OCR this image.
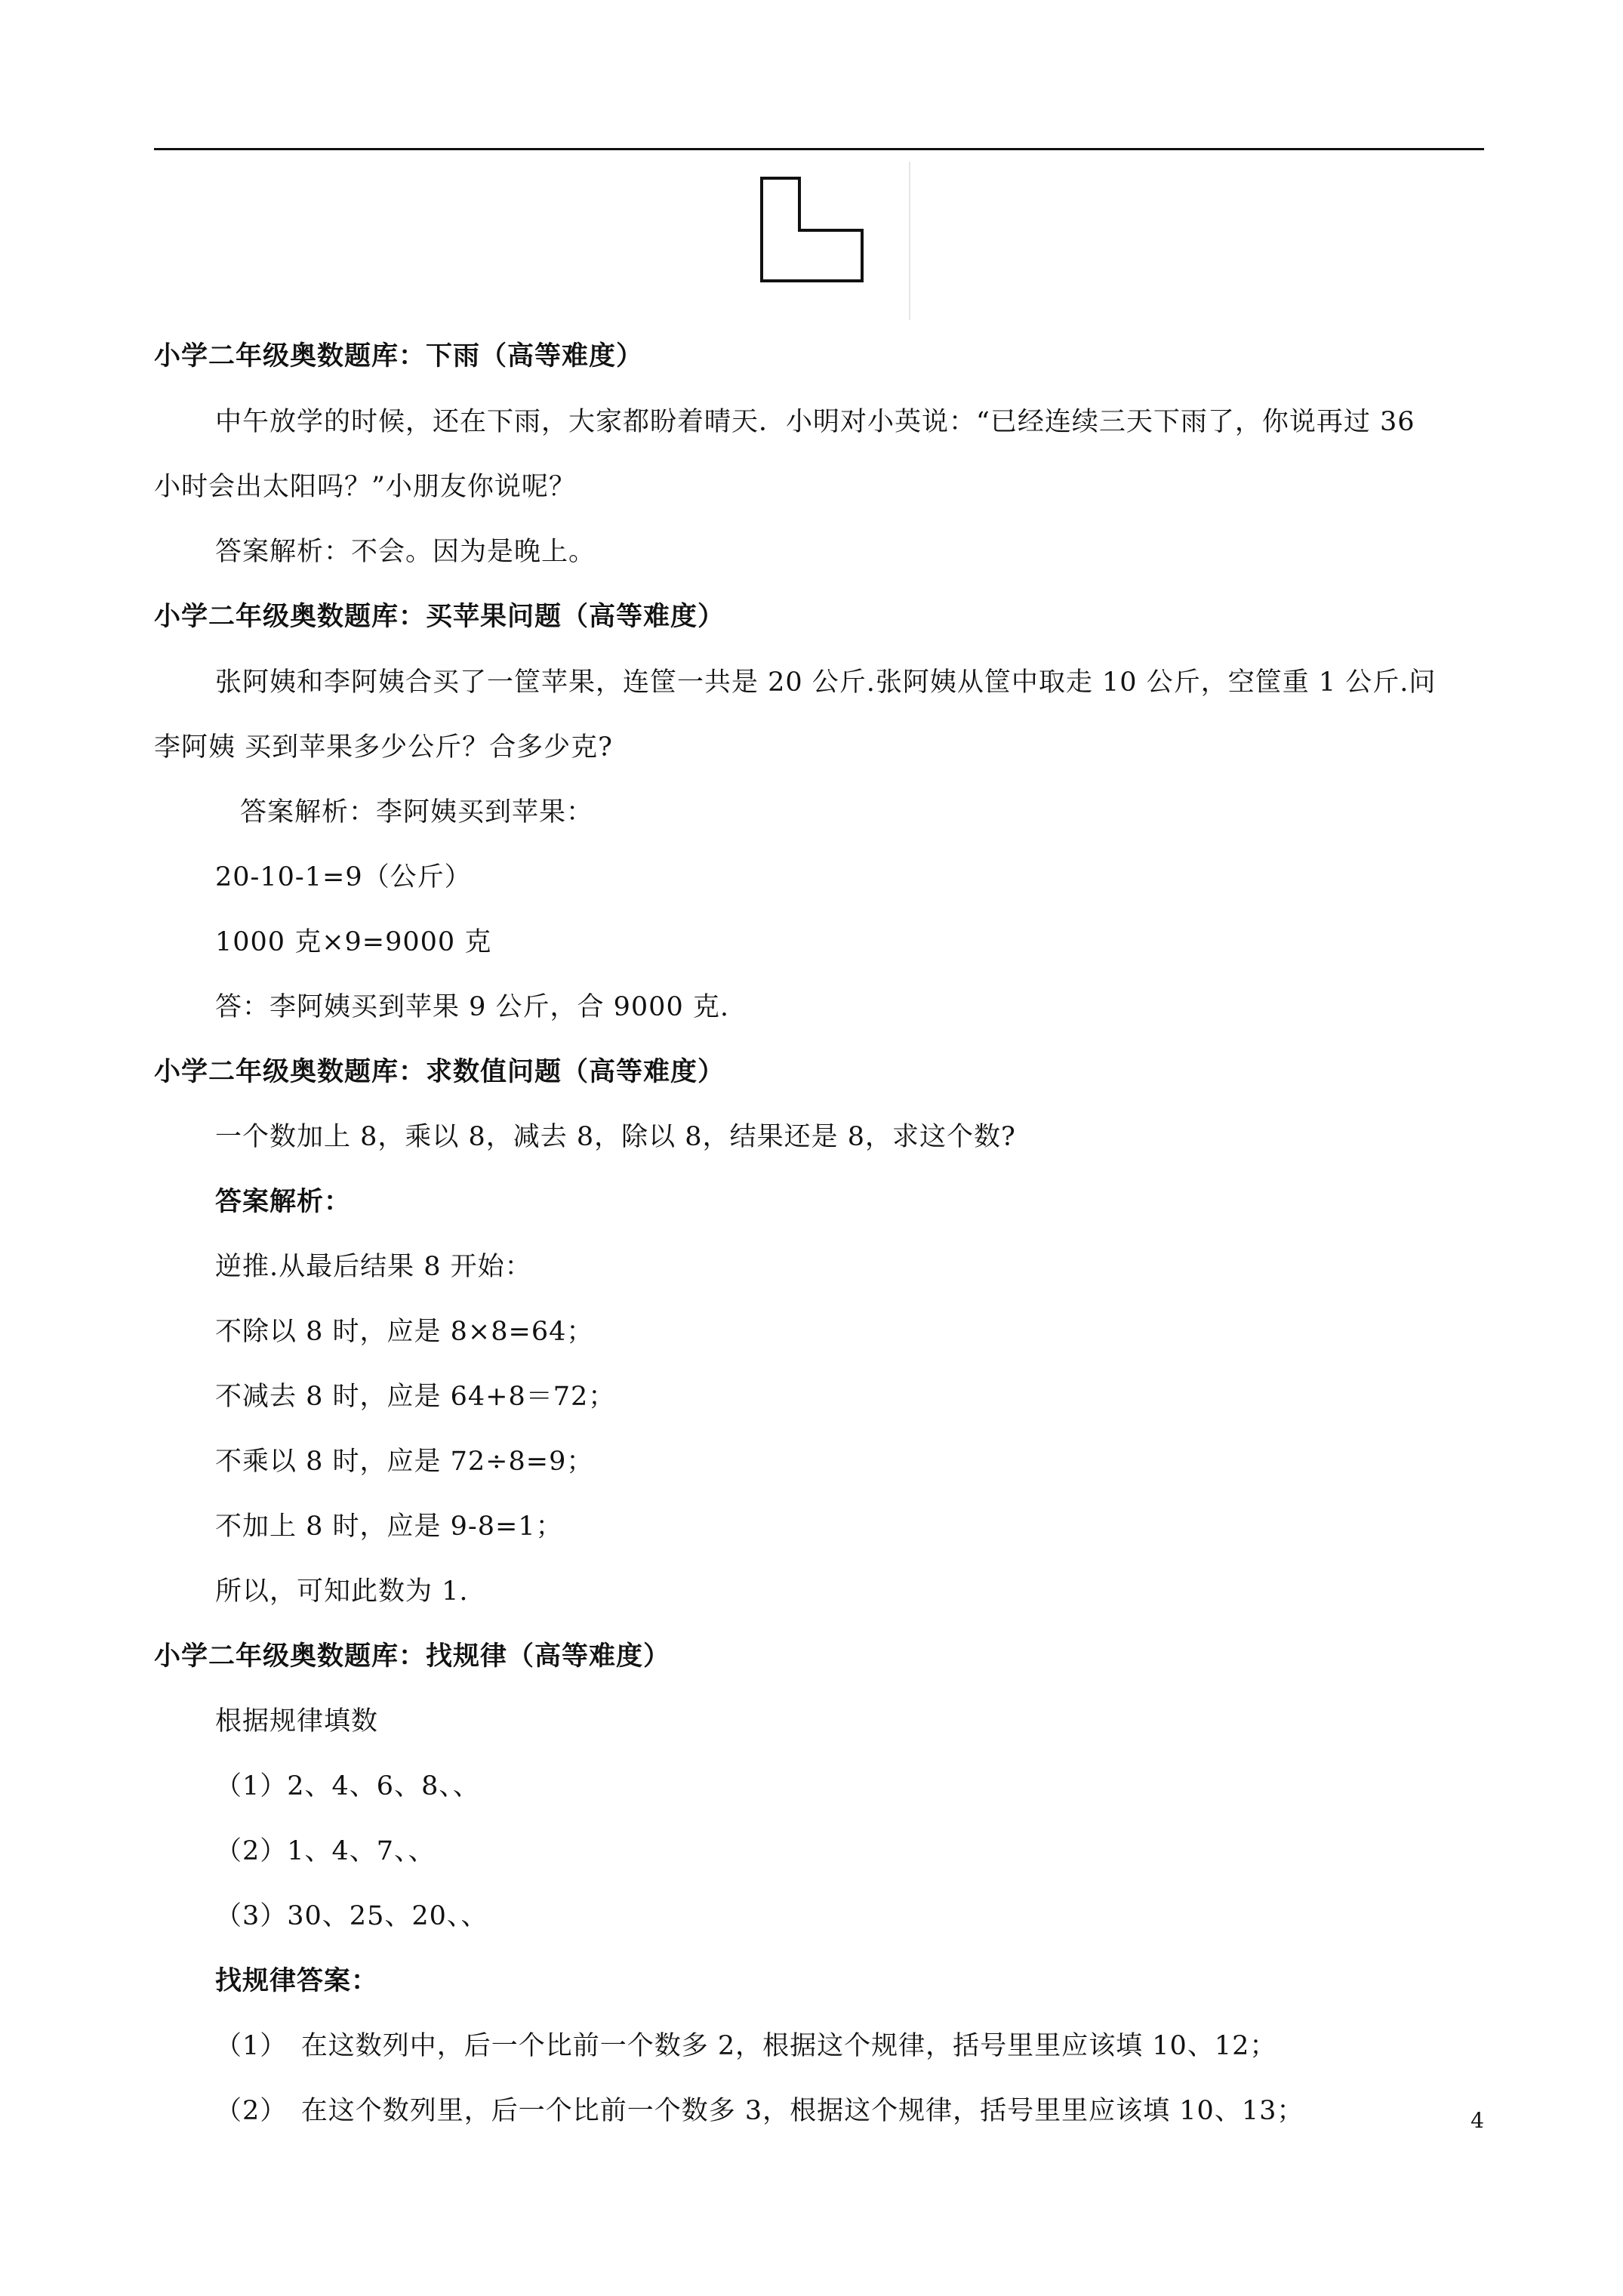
小学二年级奥数题库：下雨（高等难度）
中午放学的时候，还在下雨，大家都盼着晴天．小明对小英说：“已经连续三天下雨了，你说再过 36
小时会出太阳吗？”小朋友你说呢？
答案解析：不会。因为是晚上。
小学二年级奥数题库：买苹果问题（高等难度）
张阿姨和李阿姨合买了一筐苹果，连筐一共是 20 公斤.张阿姨从筐中取走 10 公斤，空筐重 1 公斤.问
李阿姨 买到苹果多少公斤？合多少克?
答案解析：李阿姨买到苹果：
20-10-1=9（公斤）
1000 克×9=9000 克
答：李阿姨买到苹果 9 公斤，合 9000 克.
小学二年级奥数题库：求数值问题（高等难度）
一个数加上 8，乘以 8，减去 8，除以 8，结果还是 8，求这个数?
答案解析：
逆推.从最后结果 8 开始：
不除以 8 时，应是 8×8=64；
不减去 8 时，应是 64+8＝72；
不乘以 8 时，应是 72÷8=9；
不加上 8 时，应是 9-8=1；
所以，可知此数为 1.
小学二年级奥数题库：找规律（高等难度）
根据规律填数
（1）2、4、6、8、、
（2）1、4、7、、
（3）30、25、20、、
找规律答案：
（1）　在这数列中，后一个比前一个数多 2，根据这个规律，括号里里应该填 10、12；
（2）　在这个数列里，后一个比前一个数多 3，根据这个规律，括号里里应该填 10、13；	4
